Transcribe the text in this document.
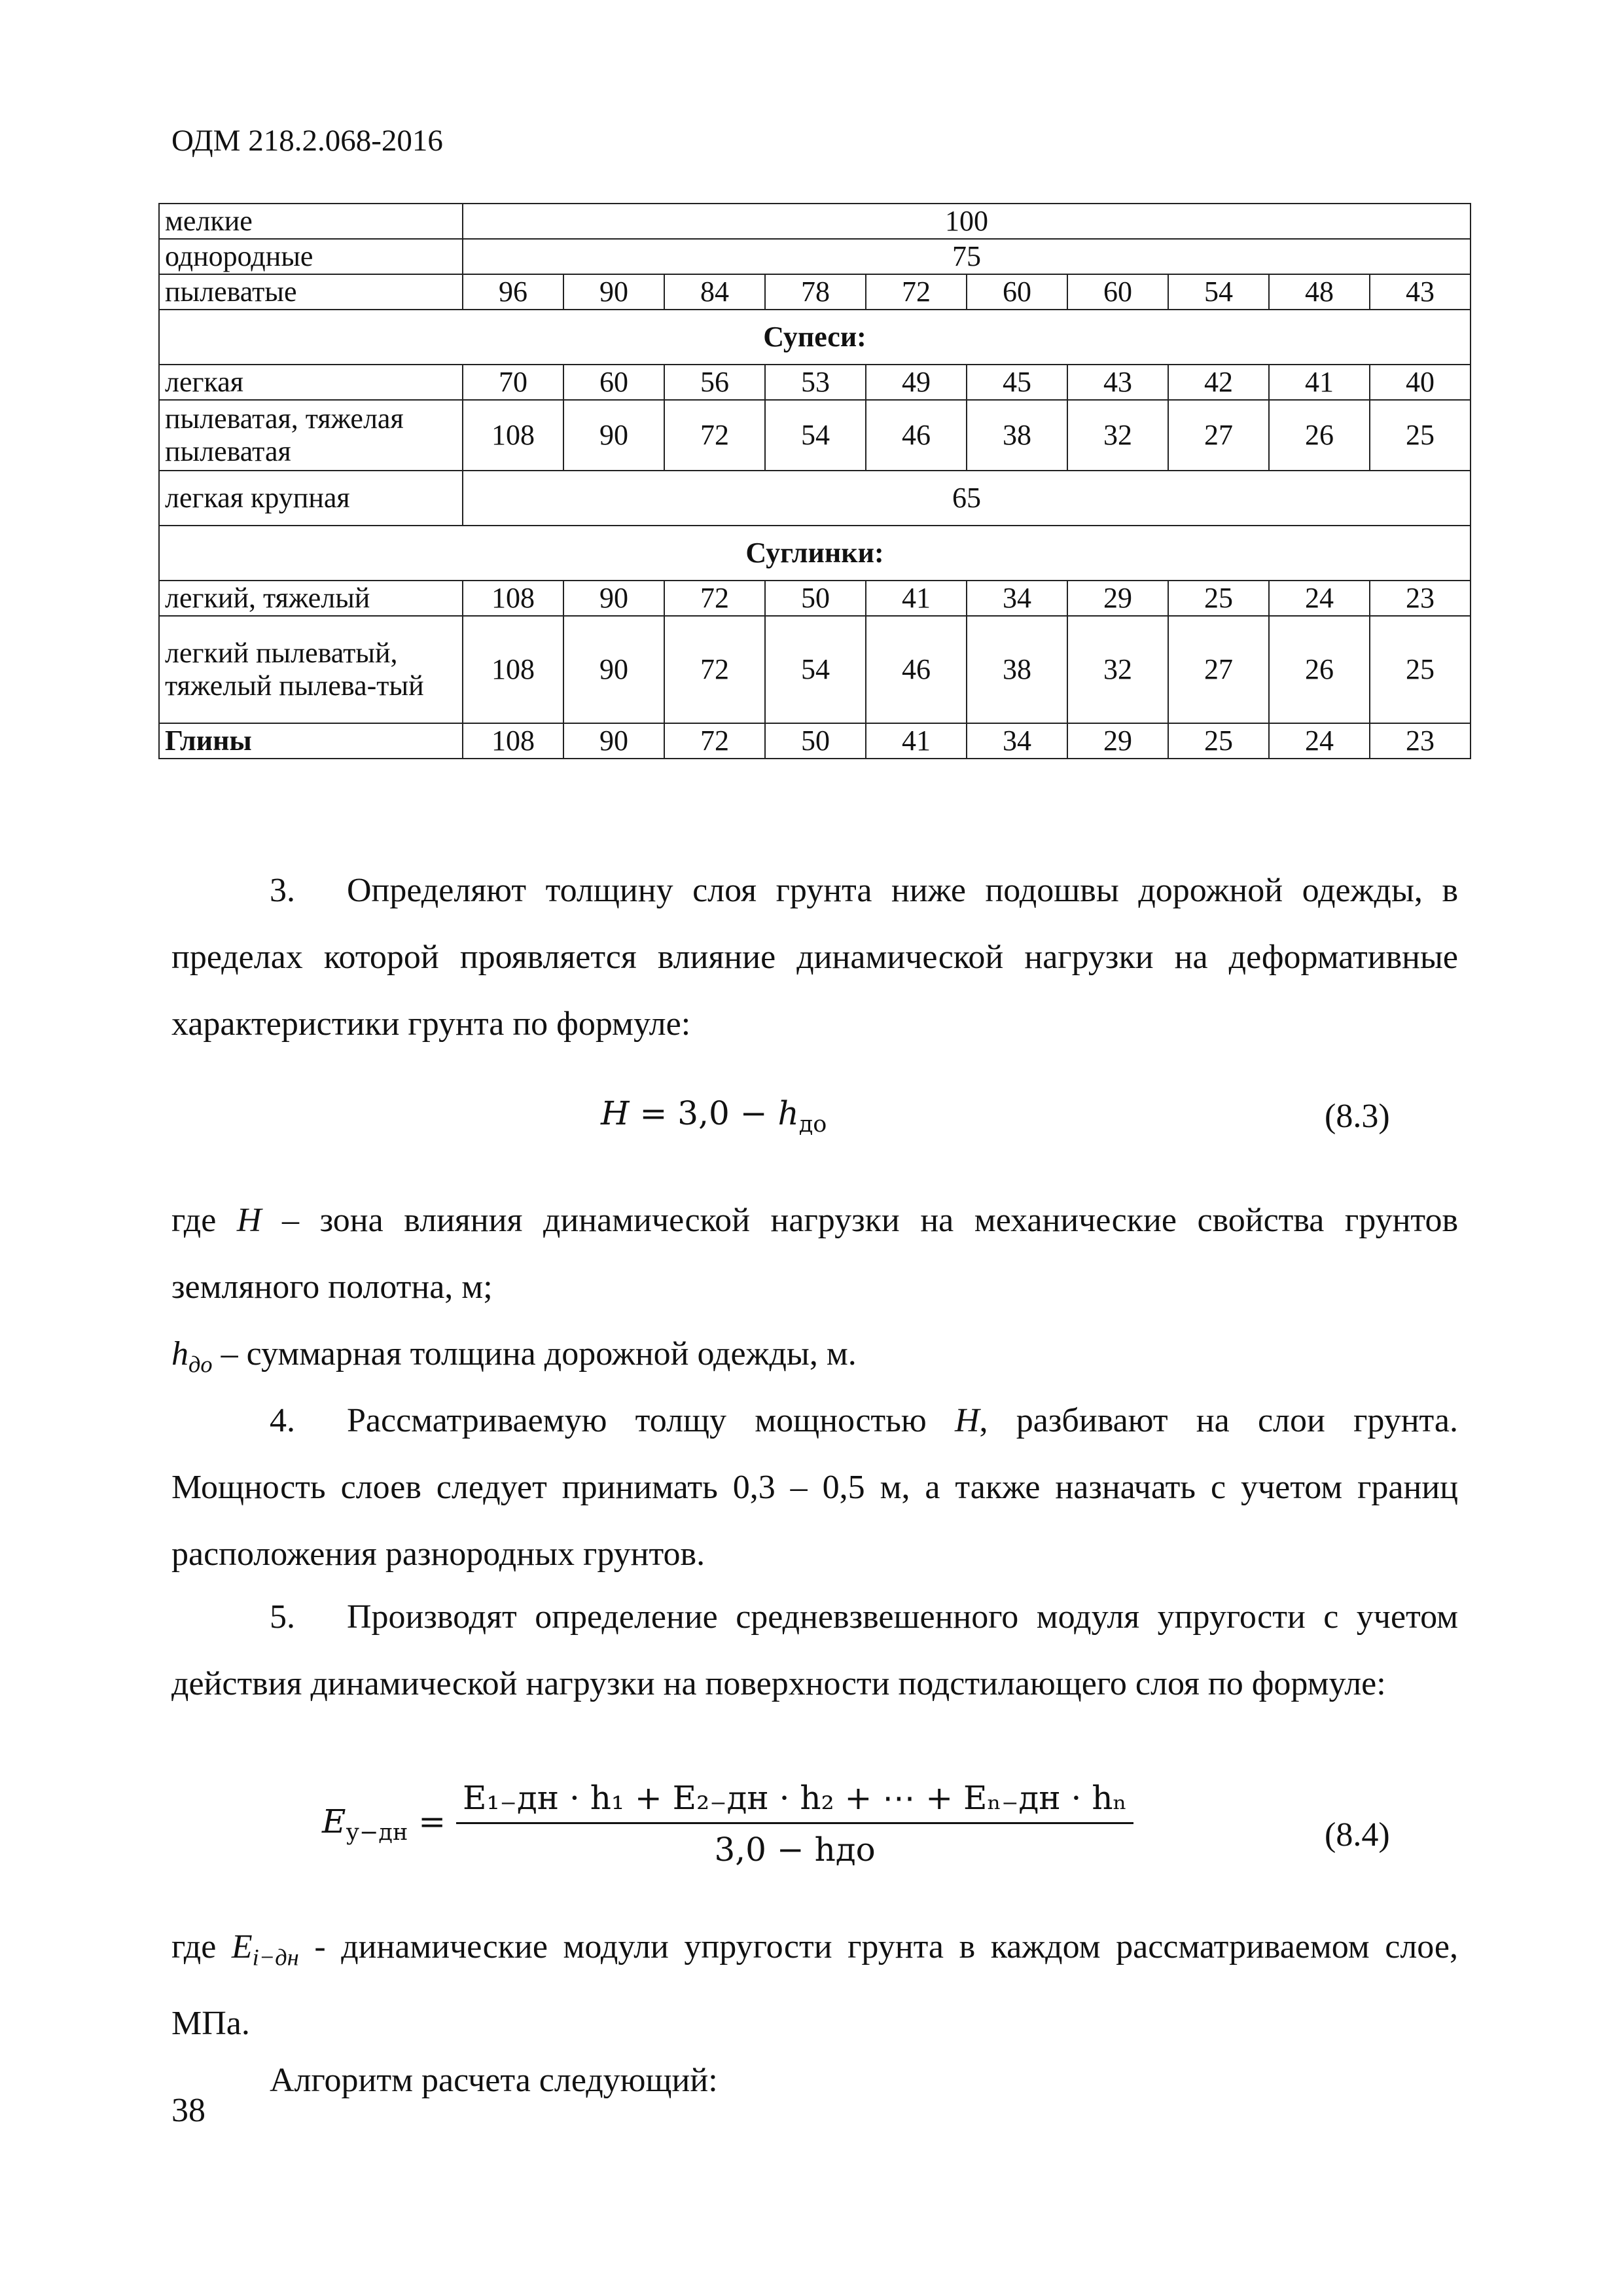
ОДМ 218.2.068-2016
мелкие	100									
однородные	75									
пылеватые	96	90	84	78	72	60	60	54	48	43
Супеси:										
легкая	70	60	56	53	49	45	43	42	41	40
пылеватая, тяжелая пылеватая	108	90	72	54	46	38	32	27	26	25
легкая крупная	65									
Суглинки:										
легкий, тяжелый	108	90	72	50	41	34	29	25	24	23
легкий пылеватый, тяжелый пылева-тый	108	90	72	54	46	38	32	27	26	25
Глины	108	90	72	50	41	34	29	25	24	23
3. Определяют толщину слоя грунта ниже подошвы дорожной одежды, в пределах которой проявляется влияние динамической нагрузки на деформативные характеристики грунта по формуле:
$H = 3,0 - h_{до}$	(8.3)
где H – зона влияния динамической нагрузки на механические свойства грунтов земляного полотна, м;
$h_{до}$ – суммарная толщина дорожной одежды, м.
4. Рассматриваемую толщу мощностью H, разбивают на слои грунта. Мощность слоев следует принимать 0,3 – 0,5 м, а также назначать с учетом границ расположения разнородных грунтов.
5. Производят определение средневзвешенного модуля упругости с учетом действия динамической нагрузки на поверхности подстилающего слоя по формуле:
$E_{у-дн} = \frac{\text{E₁₋дн · h₁ + E₂₋дн · h₂ + ⋯ + Eₙ₋дн · hₙ}}{\text{3,0 − hдо}}$	(8.4)
где $E_{i-дн}$ - динамические модули упругости грунта в каждом рассматриваемом слое, МПа.
Алгоритм расчета следующий:
38
